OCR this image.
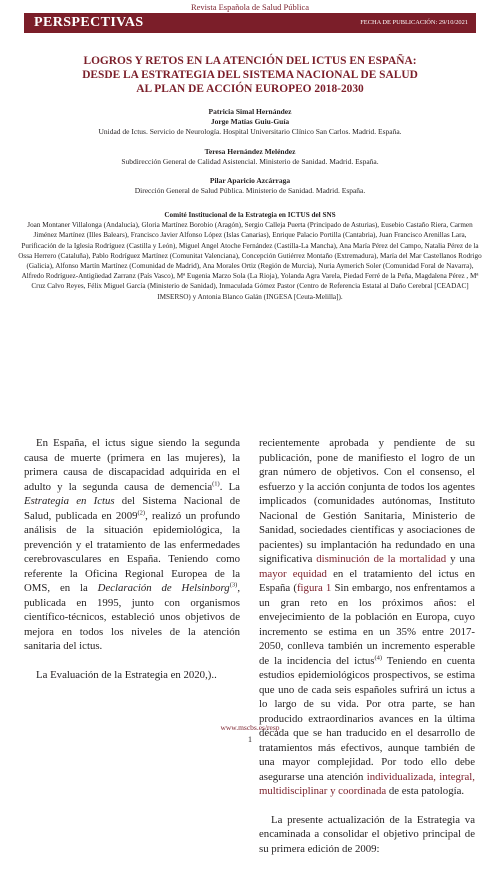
Revista Española de Salud Pública
PERSPECTIVAS	FECHA DE PUBLICACIÓN: 29/10/2021
LOGROS Y RETOS EN LA ATENCIÓN DEL ICTUS EN ESPAÑA:
DESDE LA ESTRATEGIA DEL SISTEMA NACIONAL DE SALUD
AL PLAN DE ACCIÓN EUROPEO 2018-2030
Patricia Simal Hernández
Jorge Matías Guiu-Guía
Unidad de Ictus. Servicio de Neurología. Hospital Universitario Clínico San Carlos. Madrid. España.
Teresa Hernández Meléndez
Subdirección General de Calidad Asistencial. Ministerio de Sanidad. Madrid. España.
Pilar Aparicio Azcárraga
Dirección General de Salud Pública. Ministerio de Sanidad. Madrid. España.
Comité Institucional de la Estrategia en ICTUS del SNS
Joan Montaner Villalonga (Andalucía), Gloria Martínez Borobio (Aragón), Sergio Calleja Puerta (Principado de Asturias), Eusebio Castaño Riera, Carmen Jiménez Martínez (Illes Balears), Francisco Javier Alfonso López (Islas Canarias), Enrique Palacio Portilla (Cantabria), Juan Francisco Arenillas Lara, Purificación de la Iglesia Rodríguez (Castilla y León), Miguel Angel Atoche Fernández (Castilla-La Mancha), Ana María Pérez del Campo, Natalia Pérez de la Ossa Herrero (Cataluña), Pablo Rodríguez Martínez (Comunitat Valenciana), Concepción Gutiérrez Montaño (Extremadura), María del Mar Castellanos Rodrigo (Galicia), Alfonso Martín Martínez (Comunidad de Madrid), Ana Morales Ortiz (Región de Murcia), Nuria Aymerich Soler (Comunidad Foral de Navarra), Alfredo Rodríguez-Antigüedad Zarranz (País Vasco), Mª Eugenia Marzo Sola (La Rioja), Yolanda Agra Varela, Piedad Ferré de la Peña, Magdalena Pérez , Mª Cruz Calvo Reyes, Félix Miguel García (Ministerio de Sanidad), Inmaculada Gómez Pastor (Centro de Referencia Estatal al Daño Cerebral [CEADAC] IMSERSO) y Antonia Blanco Galán (INGESA [Ceuta-Melilla]).

En España, el ictus sigue siendo la segunda causa de muerte (primera en las mujeres), la primera causa de discapacidad adquirida en el adulto y la segunda causa de demencia$^{(1)}$. La Estrategia en Ictus del Sistema Nacional de Salud, publicada en 2009$^{(2)}$, realizó un profundo análisis de la situación epidemiológica, la prevención y el tratamiento de las enfermedades cerebrovasculares en España. Teniendo como referente la Oficina Regional Europea de la OMS, en la Declaración de Helsinborg$^{(3)}$, publicada en 1995, junto con organismos científico-técnicos, estableció unos objetivos de mejora en todos los niveles de la atención sanitaria del ictus.

La Evaluación de la Estrategia en 2020,)..

recientemente aprobada y pendiente de su publicación, pone de manifiesto el logro de un gran número de objetivos. Con el consenso, el esfuerzo y la acción conjunta de todos los agentes implicados (comunidades autónomas, Instituto Nacional de Gestión Sanitaria, Ministerio de Sanidad, sociedades científicas y asociaciones de pacientes) su implantación ha redundado en una significativa disminución de la mortalidad y una mayor equidad en el tratamiento del ictus en España (figura 1 Sin embargo, nos enfrentamos a un gran reto en los próximos años: el envejecimiento de la población en Europa, cuyo incremento se estima en un 35% entre 2017-2050, conlleva también un incremento esperable de la incidencia del ictus$^{(4)}$ Teniendo en cuenta estudios epidemiológicos prospectivos, se estima que uno de cada seis españoles sufrirá un ictus a lo largo de su vida. Por otra parte, se han producido extraordinarios avances en la última década que se han traducido en el desarrollo de tratamientos más efectivos, aunque también de una mayor complejidad. Por todo ello debe asegurarse una atención individualizada, integral, multidisciplinar y coordinada de esta patología.

La presente actualización de la Estrategia va encaminada a consolidar el objetivo principal de su primera edición de 2009:

www.mscbs.es/resp
1
